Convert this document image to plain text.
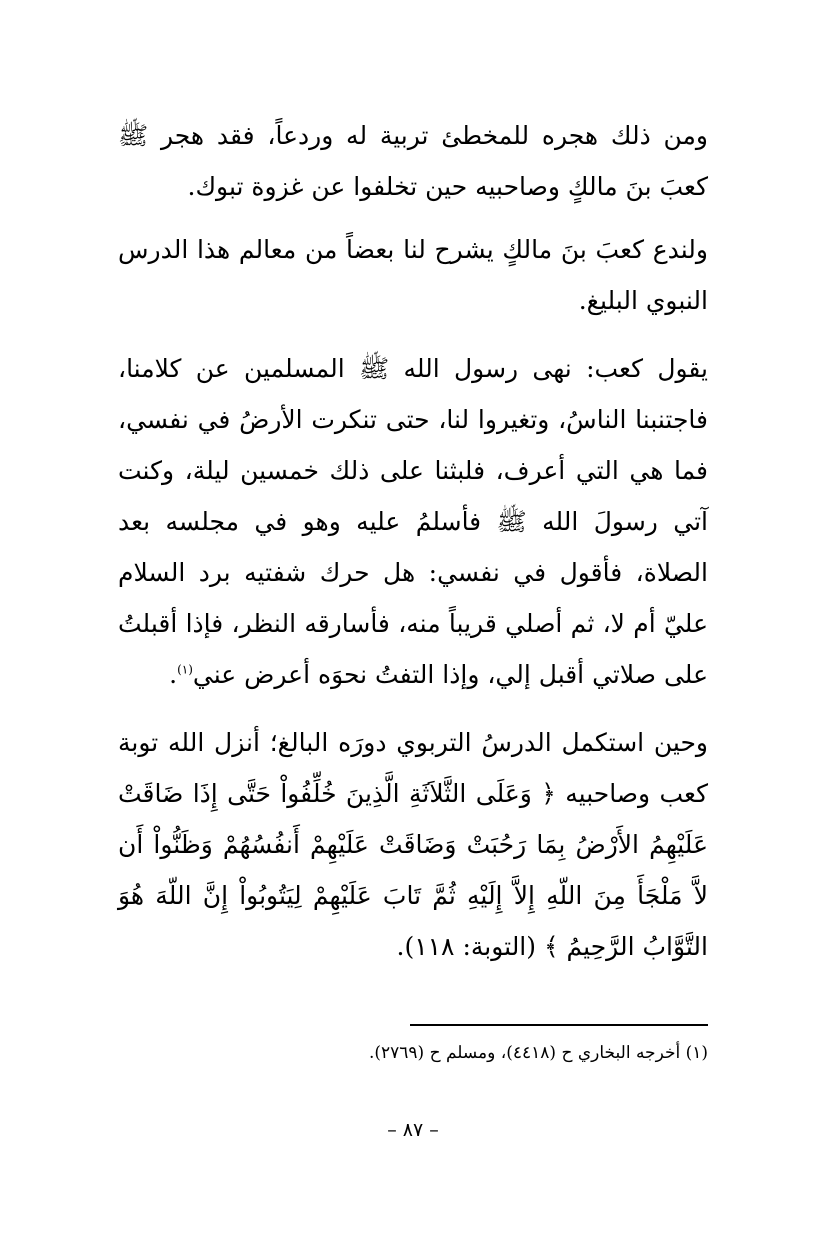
ومن ذلك هجره للمخطئ تربية له وردعاً، فقد هجر ﷺ كعبَ بنَ مالكٍ وصاحبيه حين تخلفوا عن غزوة تبوك.

ولندع كعبَ بنَ مالكٍ يشرح لنا بعضاً من معالم هذا الدرس النبوي البليغ.

يقول كعب: نهى رسول الله ﷺ المسلمين عن كلامنا، فاجتنبنا الناسُ، وتغيروا لنا، حتى تنكرت الأرضُ في نفسي، فما هي التي أعرف، فلبثنا على ذلك خمسين ليلة، وكنت آتي رسولَ الله ﷺ فأسلمُ عليه وهو في مجلسه بعد الصلاة، فأقول في نفسي: هل حرك شفتيه برد السلام عليّ أم لا، ثم أصلي قريباً منه، فأسارقه النظر، فإذا أقبلتُ على صلاتي أقبل إلي، وإذا التفتُ نحوَه أعرض عني$^{(١)}$.

وحين استكمل الدرسُ التربوي دورَه البالغ؛ أنزل الله توبة كعب وصاحبيه ﴿ وَعَلَى الثَّلاَثَةِ الَّذِينَ خُلِّفُواْ حَتَّى إِذَا ضَاقَتْ عَلَيْهِمُ الأَرْضُ بِمَا رَحُبَتْ وَضَاقَتْ عَلَيْهِمْ أَنفُسُهُمْ وَظَنُّواْ أَن لاَّ مَلْجَأَ مِنَ اللّهِ إِلاَّ إِلَيْهِ ثُمَّ تَابَ عَلَيْهِمْ لِيَتُوبُواْ إِنَّ اللّهَ هُوَ التَّوَّابُ الرَّحِيمُ ﴾ (التوبة: ١١٨).

(١) أخرجه البخاري ح (٤٤١٨)، ومسلم ح (٢٧٦٩).

– ٨٧ –
